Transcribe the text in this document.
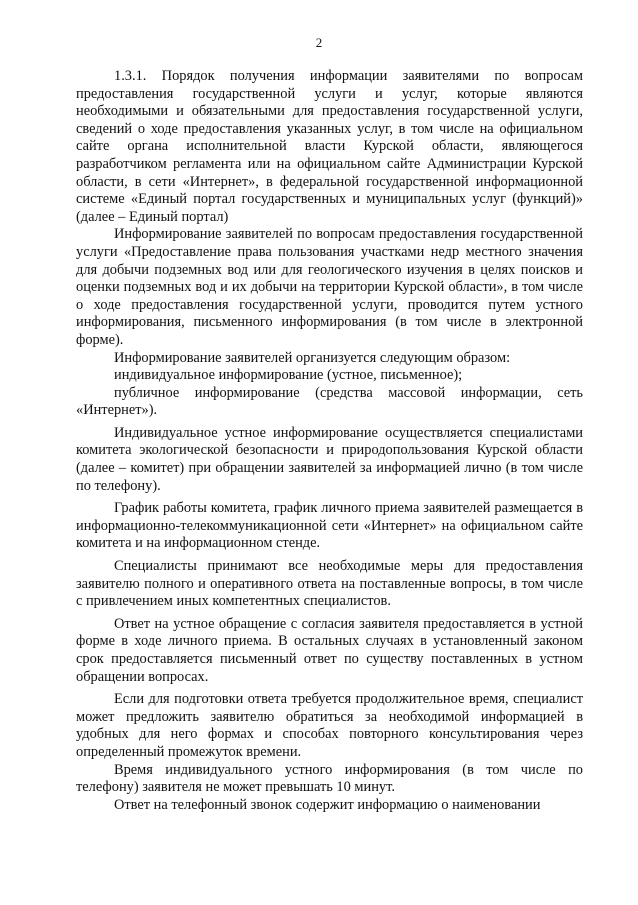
2

1.3.1. Порядок получения информации заявителями по вопросам предоставления государственной услуги и услуг, которые являются необходимыми и обязательными для предоставления государственной услуги, сведений о ходе предоставления указанных услуг, в том числе на официальном сайте органа исполнительной власти Курской области, являющегося разработчиком регламента или на официальном сайте Администрации Курской области, в сети «Интернет», в федеральной государственной информационной системе «Единый портал государственных и муниципальных услуг (функций)» (далее – Единый портал)

Информирование заявителей по вопросам предоставления государственной услуги «Предоставление права пользования участками недр местного значения для добычи подземных вод или для геологического изучения в целях поисков и оценки подземных вод и их добычи на территории Курской области», в том числе о ходе предоставления государственной услуги, проводится путем устного информирования, письменного информирования (в том числе в электронной форме).

Информирование заявителей организуется следующим образом:

индивидуальное информирование (устное, письменное);

публичное информирование (средства массовой информации, сеть «Интернет»).

Индивидуальное устное информирование осуществляется специалистами комитета экологической безопасности и природопользования Курской области (далее – комитет) при обращении заявителей за информацией лично (в том числе по телефону).

График работы комитета, график личного приема заявителей размещается в информационно-телекоммуникационной сети «Интернет» на официальном сайте комитета и на информационном стенде.

Специалисты принимают все необходимые меры для предоставления заявителю полного и оперативного ответа на поставленные вопросы, в том числе с привлечением иных компетентных специалистов.

Ответ на устное обращение с согласия заявителя предоставляется в устной форме в ходе личного приема. В остальных случаях в установленный законом срок предоставляется письменный ответ по существу поставленных в устном обращении вопросах.

Если для подготовки ответа требуется продолжительное время, специалист может предложить заявителю обратиться за необходимой информацией в удобных для него формах и способах повторного консультирования через определенный промежуток времени.

Время индивидуального устного информирования (в том числе по телефону) заявителя не может превышать 10 минут.

Ответ на телефонный звонок содержит информацию о наименовании
